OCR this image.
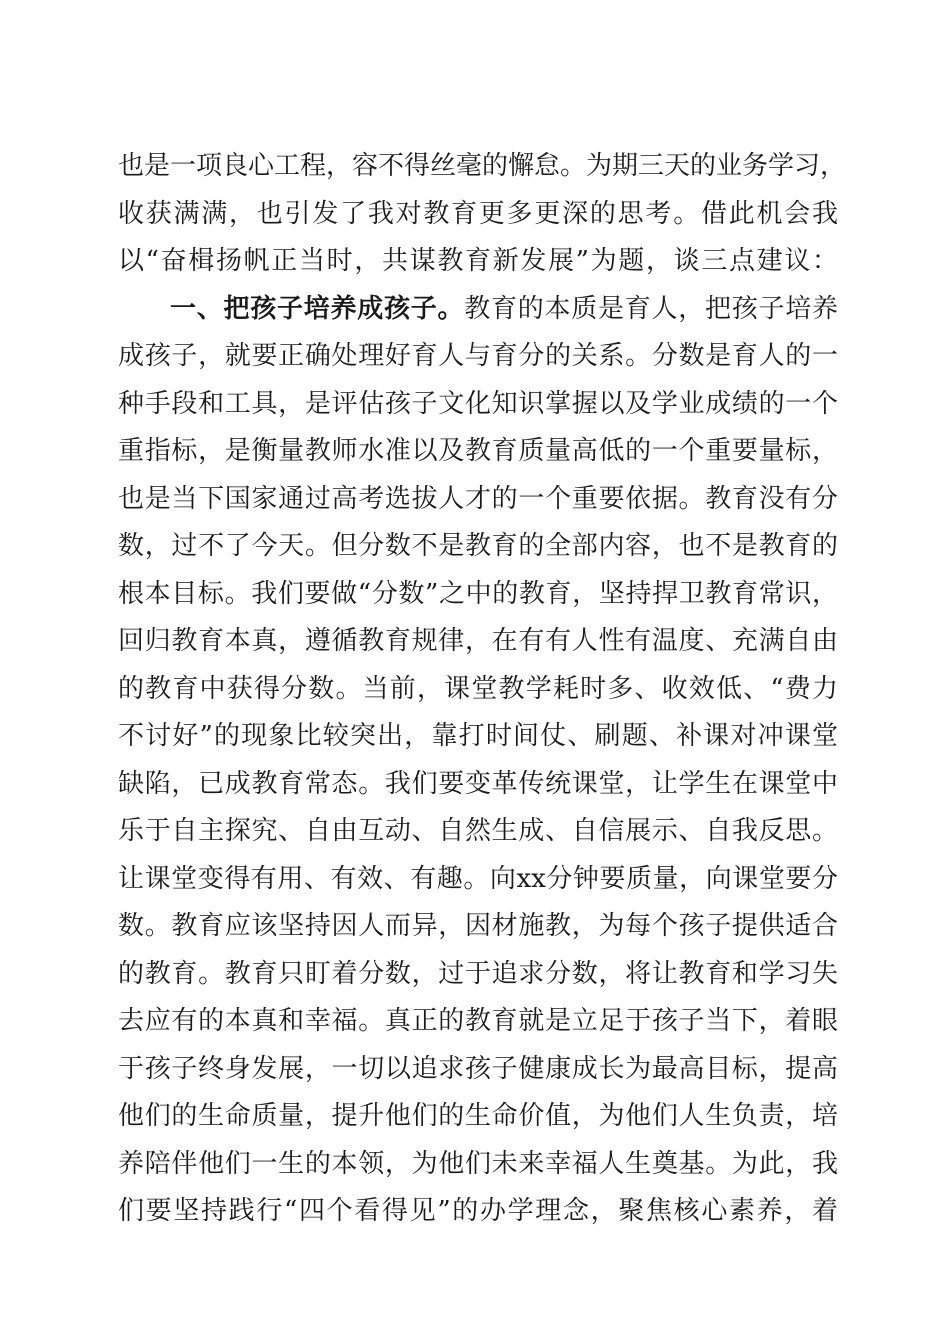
也是一项良心工程，容不得丝毫的懈怠。为期三天的业务学习，
收获满满，也引发了我对教育更多更深的思考。借此机会我
以“奋楫扬帆正当时，共谋教育新发展”为题，谈三点建议：
一、把孩子培养成孩子。教育的本质是育人，把孩子培养
成孩子，就要正确处理好育人与育分的关系。分数是育人的一
种手段和工具，是评估孩子文化知识掌握以及学业成绩的一个
重指标，是衡量教师水准以及教育质量高低的一个重要量标，
也是当下国家通过高考选拔人才的一个重要依据。教育没有分
数，过不了今天。但分数不是教育的全部内容，也不是教育的
根本目标。我们要做“分数”之中的教育，坚持捍卫教育常识，
回归教育本真，遵循教育规律，在有有人性有温度、充满自由
的教育中获得分数。当前，课堂教学耗时多、收效低、“费力
不讨好”的现象比较突出，靠打时间仗、刷题、补课对冲课堂
缺陷，已成教育常态。我们要变革传统课堂，让学生在课堂中
乐于自主探究、自由互动、自然生成、自信展示、自我反思。
让课堂变得有用、有效、有趣。向xx分钟要质量，向课堂要分
数。教育应该坚持因人而异，因材施教，为每个孩子提供适合
的教育。教育只盯着分数，过于追求分数，将让教育和学习失
去应有的本真和幸福。真正的教育就是立足于孩子当下，着眼
于孩子终身发展，一切以追求孩子健康成长为最高目标，提高
他们的生命质量，提升他们的生命价值，为他们人生负责，培
养陪伴他们一生的本领，为他们未来幸福人生奠基。为此，我
们要坚持践行“四个看得见”的办学理念，聚焦核心素养，着
